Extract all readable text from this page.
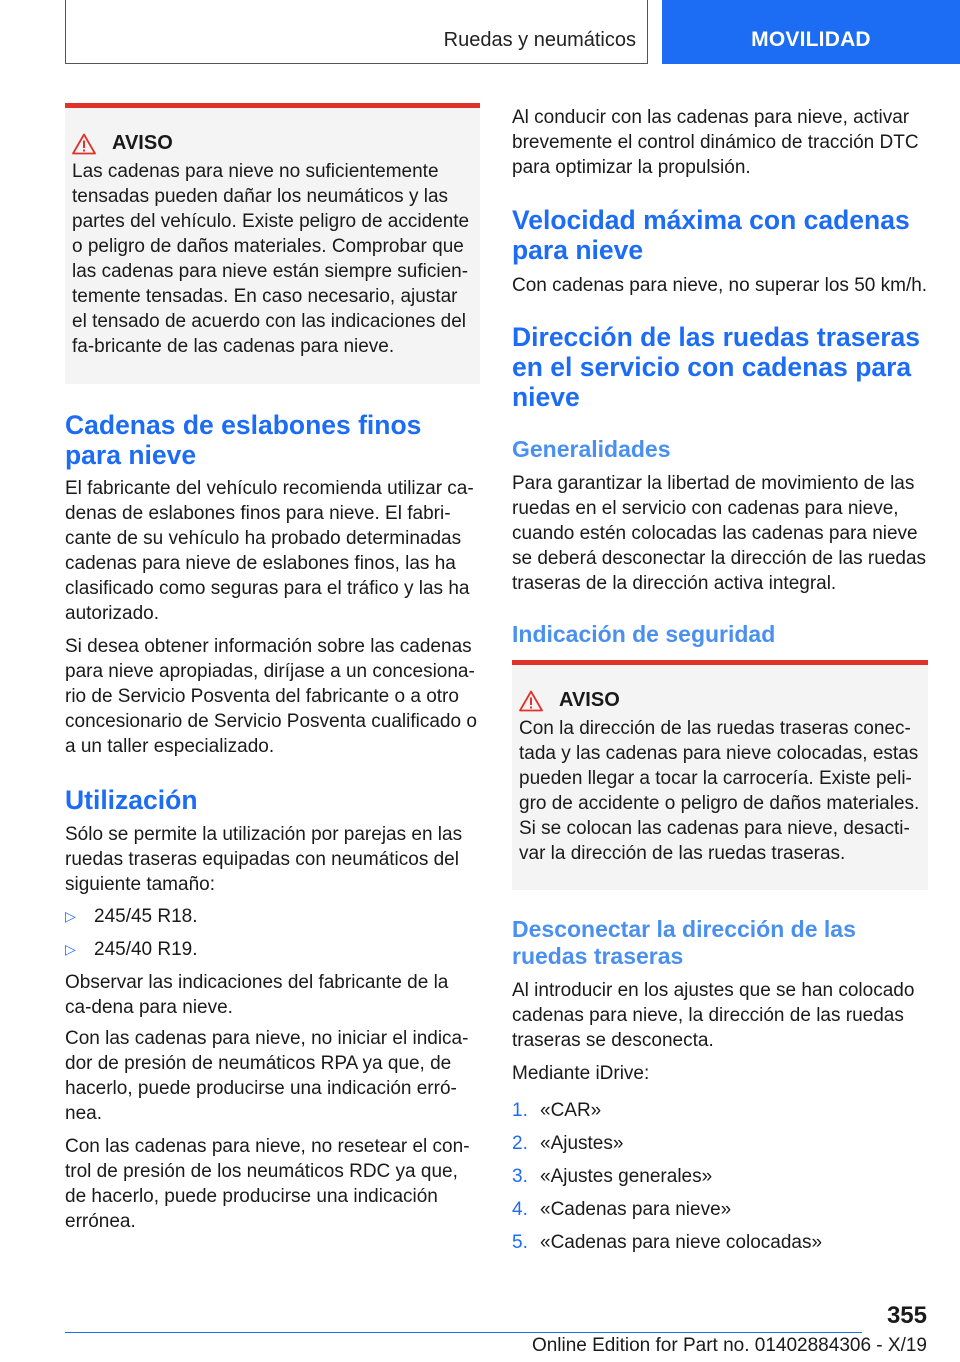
Ruedas y neumáticos	MOVILIDAD
AVISO

Las cadenas para nieve no suficientemente tensadas pueden dañar los neumáticos y las partes del vehículo. Existe peligro de accidente o peligro de daños materiales. Comprobar que las cadenas para nieve están siempre suficien-temente tensadas. En caso necesario, ajustar el tensado de acuerdo con las indicaciones del fa-bricante de las cadenas para nieve.

Cadenas de eslabones finos para nieve

El fabricante del vehículo recomienda utilizar ca-denas de eslabones finos para nieve. El fabri-cante de su vehículo ha probado determinadas cadenas para nieve de eslabones finos, las ha clasificado como seguras para el tráfico y las ha autorizado.

Si desea obtener información sobre las cadenas para nieve apropiadas, diríjase a un concesiona-rio de Servicio Posventa del fabricante o a otro concesionario de Servicio Posventa cualificado o a un taller especializado.

Utilización

Sólo se permite la utilización por parejas en las ruedas traseras equipadas con neumáticos del siguiente tamaño:

▷ 245/45 R18.
▷ 245/40 R19.

Observar las indicaciones del fabricante de la ca-dena para nieve.

Con las cadenas para nieve, no iniciar el indica-dor de presión de neumáticos RPA ya que, de hacerlo, puede producirse una indicación erró-nea.

Con las cadenas para nieve, no resetear el con-trol de presión de los neumáticos RDC ya que, de hacerlo, puede producirse una indicación errónea.

Al conducir con las cadenas para nieve, activar brevemente el control dinámico de tracción DTC para optimizar la propulsión.

Velocidad máxima con cadenas para nieve

Con cadenas para nieve, no superar los 50 km/h.

Dirección de las ruedas traseras en el servicio con cadenas para nieve
Generalidades

Para garantizar la libertad de movimiento de las ruedas en el servicio con cadenas para nieve, cuando estén colocadas las cadenas para nieve se deberá desconectar la dirección de las ruedas traseras de la dirección activa integral.

Indicación de seguridad
AVISO

Con la dirección de las ruedas traseras conec-tada y las cadenas para nieve colocadas, estas pueden llegar a tocar la carrocería. Existe peli-gro de accidente o peligro de daños materiales. Si se colocan las cadenas para nieve, desacti-var la dirección de las ruedas traseras.

Desconectar la dirección de las ruedas traseras

Al introducir en los ajustes que se han colocado cadenas para nieve, la dirección de las ruedas traseras se desconecta.

Mediante iDrive:

1. «CAR»
2. «Ajustes»
3. «Ajustes generales»
4. «Cadenas para nieve»
5. «Cadenas para nieve colocadas»
355
Online Edition for Part no. 01402884306 - X/19
